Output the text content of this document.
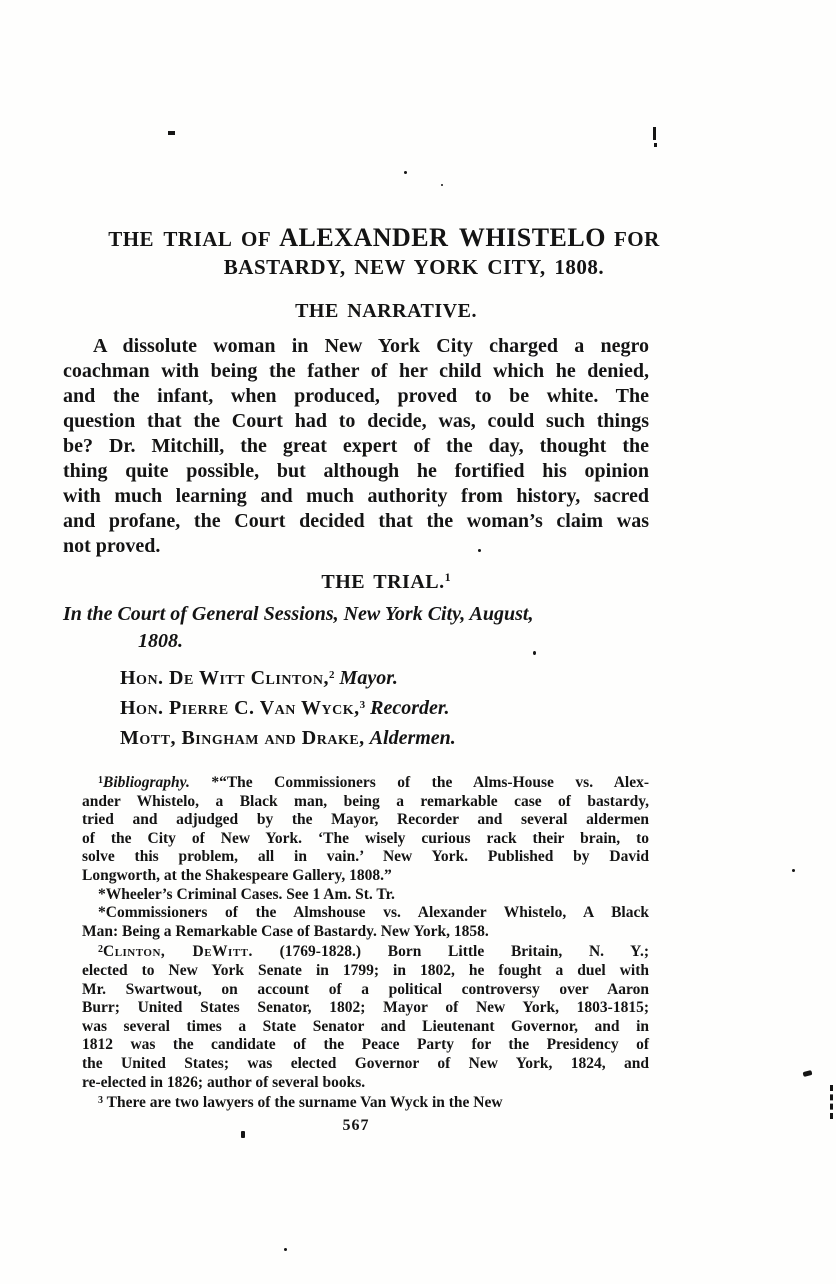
THE TRIAL OF ALEXANDER WHISTELO FOR
BASTARDY, NEW YORK CITY, 1808.
THE NARRATIVE.

A dissolute woman in New York City charged a negro
coachman with being the father of her child which he denied,
and the infant, when produced, proved to be white. The
question that the Court had to decide, was, could such things
be? Dr. Mitchill, the great expert of the day, thought the
thing quite possible, but although he fortified his opinion
with much learning and much authority from history, sacred
and profane, the Court decided that the woman’s claim was
not proved.

THE TRIAL.$^1$

In the Court of General Sessions, New York City, August,
1808.

Hon. De Witt Clinton,$^2$ Mayor.
Hon. Pierre C. Van Wyck,$^3$ Recorder.
Mott, Bingham and Drake, Aldermen.

$^1$Bibliography. *“The Commissioners of the Alms-House vs. Alex-
ander Whistelo, a Black man, being a remarkable case of bastardy,
tried and adjudged by the Mayor, Recorder and several aldermen
of the City of New York. ‘The wisely curious rack their brain, to
solve this problem, all in vain.’ New York. Published by David
Longworth, at the Shakespeare Gallery, 1808.”

*Wheeler’s Criminal Cases. See 1 Am. St. Tr.

*Commissioners of the Almshouse vs. Alexander Whistelo, A Black
Man: Being a Remarkable Case of Bastardy. New York, 1858.

$^2$Clinton, DeWitt. (1769-1828.) Born Little Britain, N. Y.;
elected to New York Senate in 1799; in 1802, he fought a duel with
Mr. Swartwout, on account of a political controversy over Aaron
Burr; United States Senator, 1802; Mayor of New York, 1803-1815;
was several times a State Senator and Lieutenant Governor, and in
1812 was the candidate of the Peace Party for the Presidency of
the United States; was elected Governor of New York, 1824, and
re-elected in 1826; author of several books.

$^3$ There are two lawyers of the surname Van Wyck in the New

567
